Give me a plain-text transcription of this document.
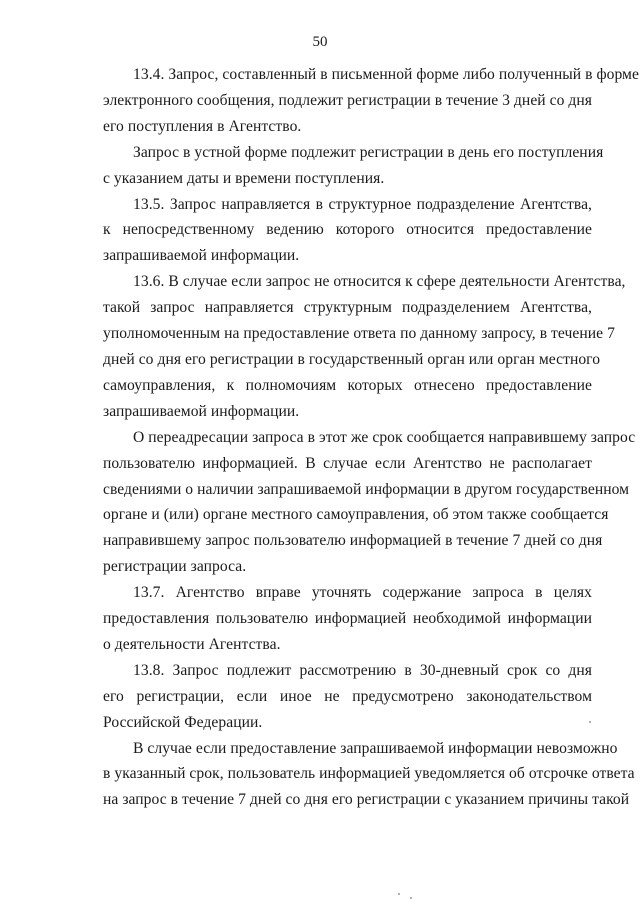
50
13.4. Запрос, составленный в письменной форме либо полученный в форме
электронного сообщения, подлежит регистрации в течение 3 дней со дня
его поступления в Агентство.
Запрос в устной форме подлежит регистрации в день его поступления
с указанием даты и времени поступления.
13.5. Запрос направляется в структурное подразделение Агентства,
к непосредственному ведению которого относится предоставление
запрашиваемой информации.
13.6. В случае если запрос не относится к сфере деятельности Агентства,
такой запрос направляется структурным подразделением Агентства,
уполномоченным на предоставление ответа по данному запросу, в течение 7
дней со дня его регистрации в государственный орган или орган местного
самоуправления, к полномочиям которых отнесено предоставление
запрашиваемой информации.
О переадресации запроса в этот же срок сообщается направившему запрос
пользователю информацией. В случае если Агентство не располагает
сведениями о наличии запрашиваемой информации в другом государственном
органе и (или) органе местного самоуправления, об этом также сообщается
направившему запрос пользователю информацией в течение 7 дней со дня
регистрации запроса.
13.7. Агентство вправе уточнять содержание запроса в целях
предоставления пользователю информацией необходимой информации
о деятельности Агентства.
13.8. Запрос подлежит рассмотрению в 30-дневный срок со дня
его регистрации, если иное не предусмотрено законодательством
Российской Федерации.
В случае если предоставление запрашиваемой информации невозможно
в указанный срок, пользователь информацией уведомляется об отсрочке ответа
на запрос в течение 7 дней со дня его регистрации с указанием причины такой
